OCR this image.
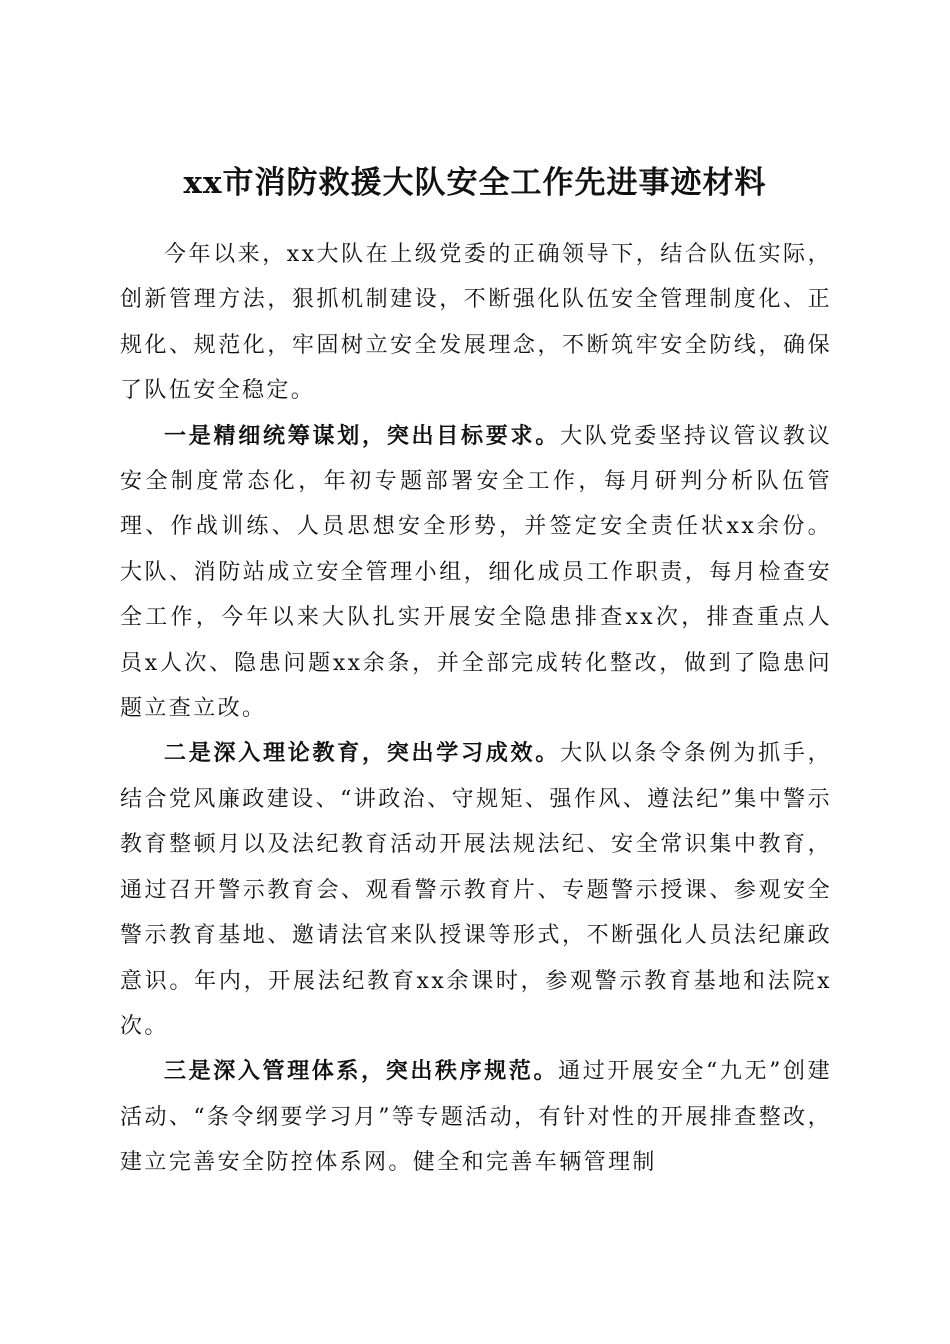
xx市消防救援大队安全工作先进事迹材料

今年以来，xx大队在上级党委的正确领导下，结合队伍实际，创新管理方法，狠抓机制建设，不断强化队伍安全管理制度化、正规化、规范化，牢固树立安全发展理念，不断筑牢安全防线，确保了队伍安全稳定。

一是精细统筹谋划，突出目标要求。大队党委坚持议管议教议安全制度常态化，年初专题部署安全工作，每月研判分析队伍管理、作战训练、人员思想安全形势，并签定安全责任状xx余份。大队、消防站成立安全管理小组，细化成员工作职责，每月检查安全工作，今年以来大队扎实开展安全隐患排查xx次，排查重点人员x人次、隐患问题xx余条，并全部完成转化整改，做到了隐患问题立查立改。

二是深入理论教育，突出学习成效。大队以条令条例为抓手，结合党风廉政建设、“讲政治、守规矩、强作风、遵法纪”集中警示教育整顿月以及法纪教育活动开展法规法纪、安全常识集中教育，通过召开警示教育会、观看警示教育片、专题警示授课、参观安全警示教育基地、邀请法官来队授课等形式，不断强化人员法纪廉政意识。年内，开展法纪教育xx余课时，参观警示教育基地和法院x次。

三是深入管理体系，突出秩序规范。通过开展安全“九无”创建活动、“条令纲要学习月”等专题活动，有针对性的开展排查整改，建立完善安全防控体系网。健全和完善车辆管理制
